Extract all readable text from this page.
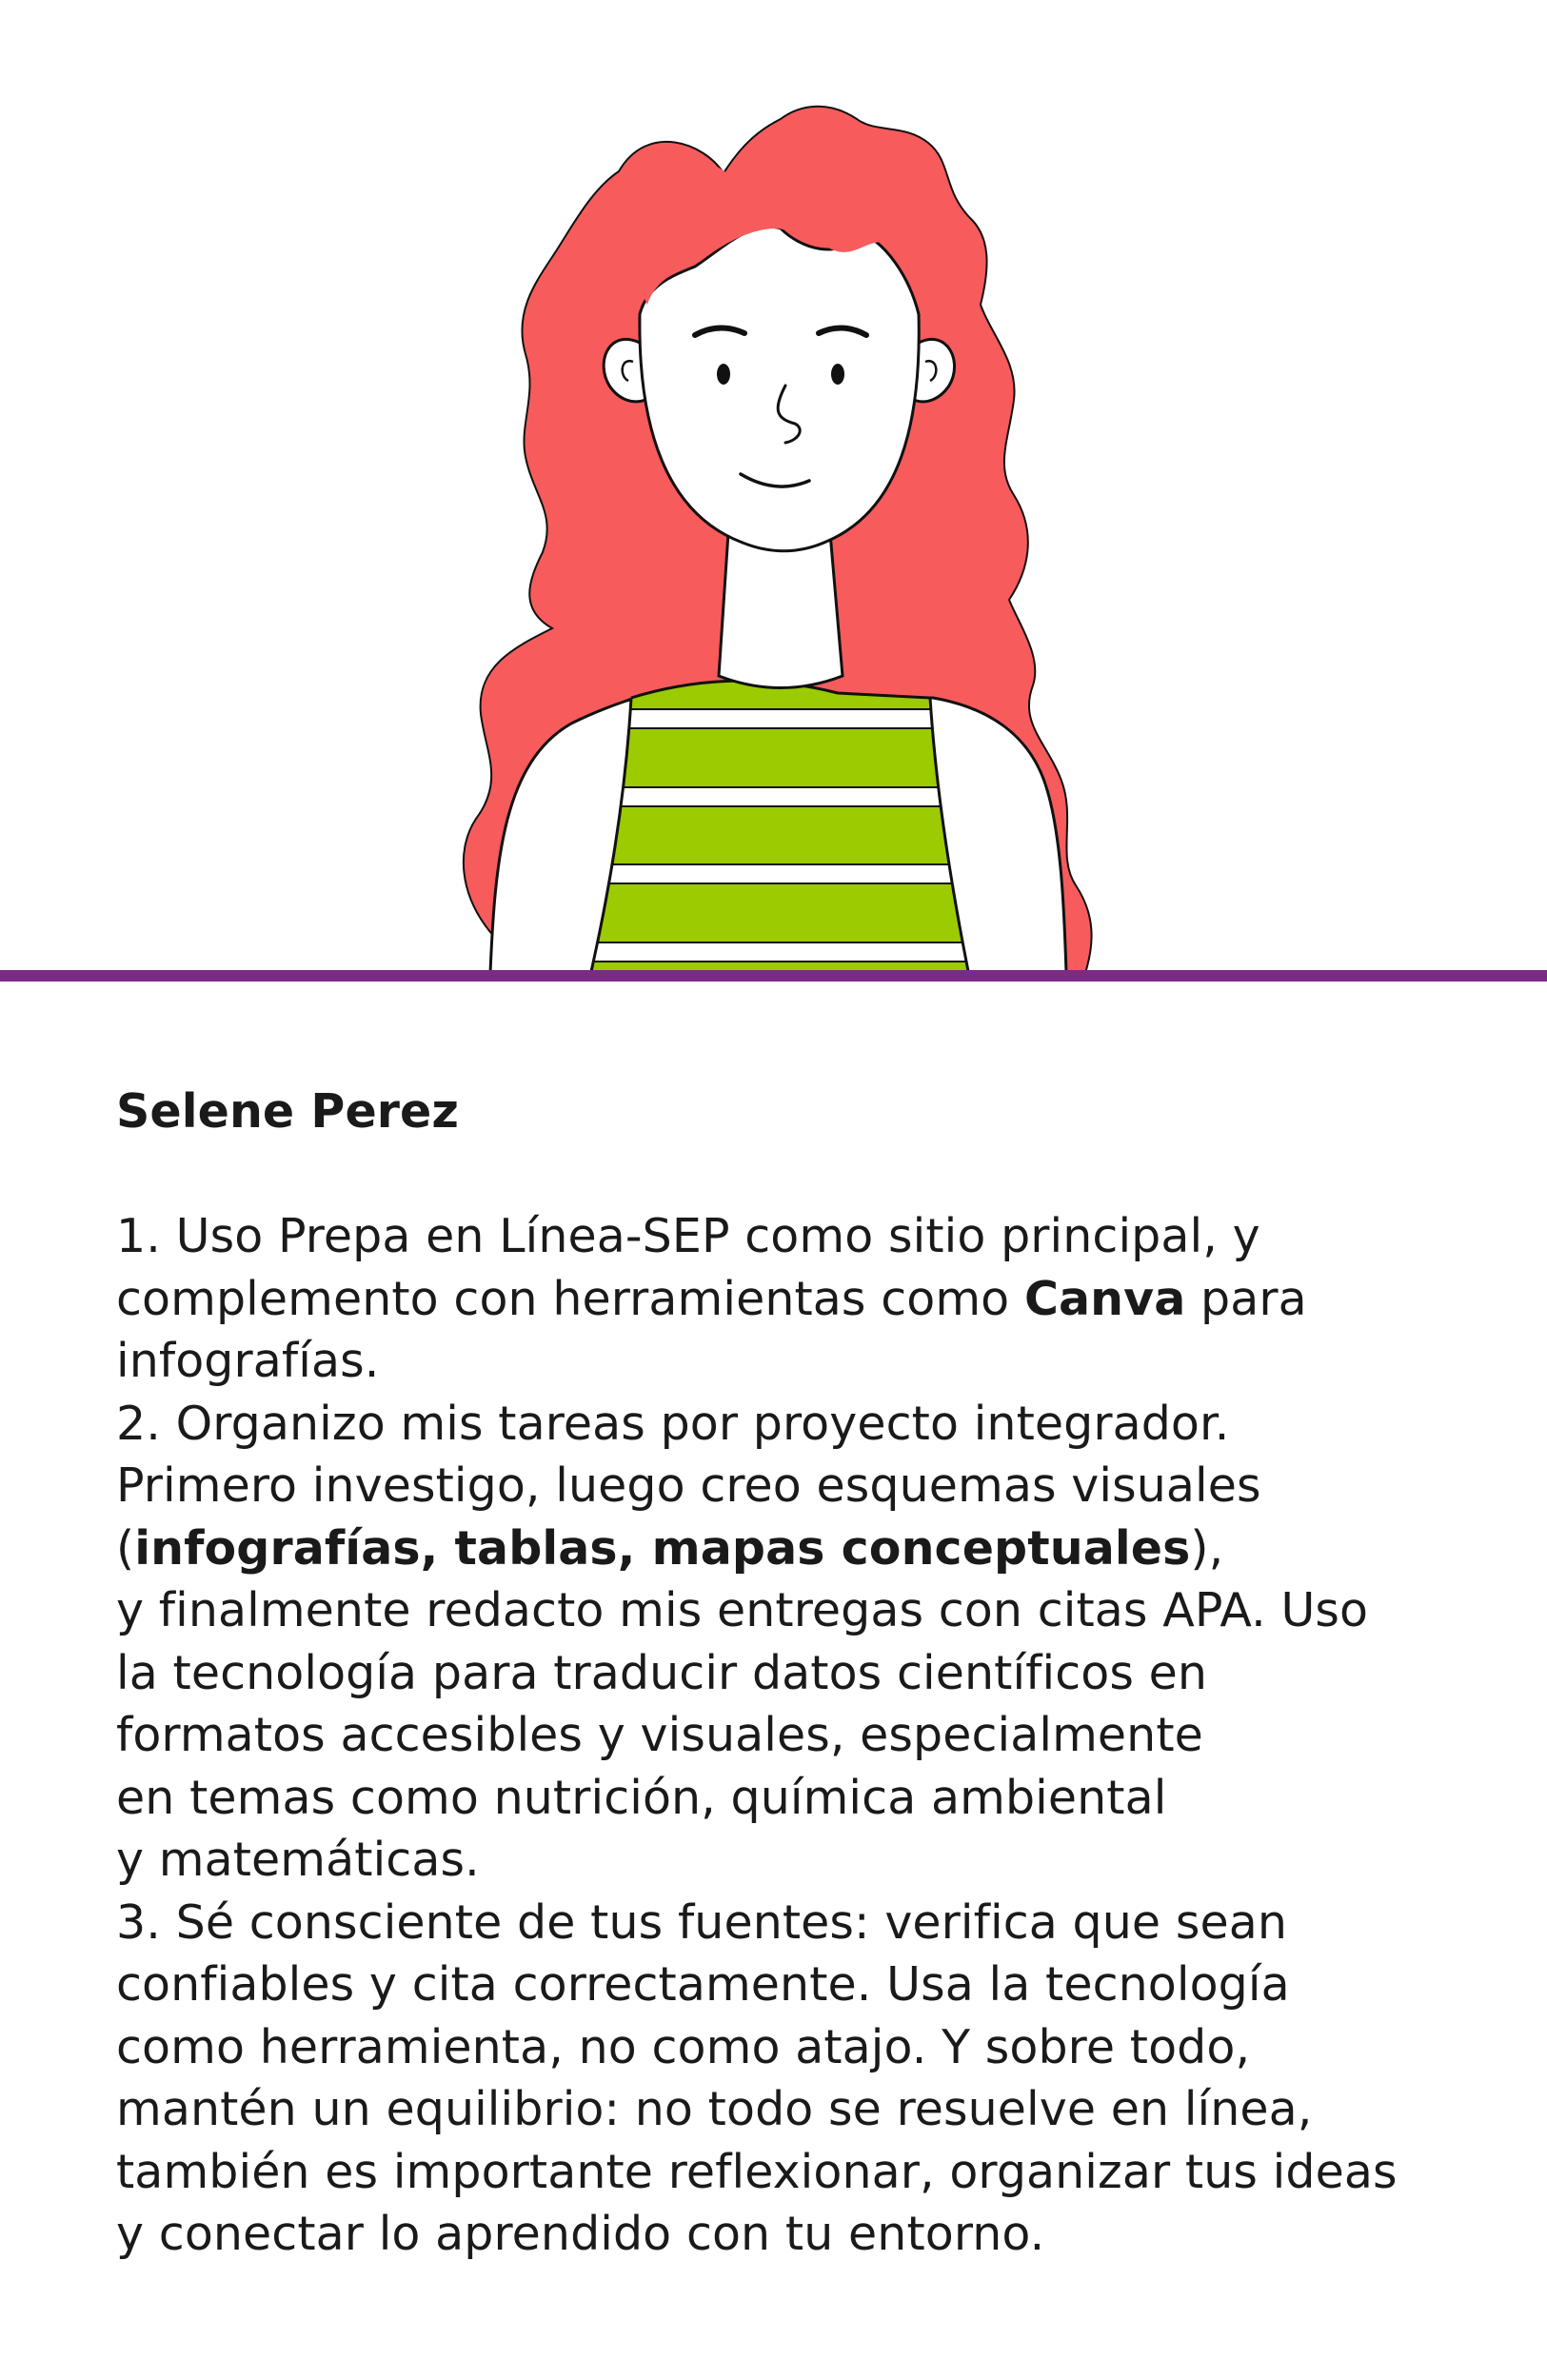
Selene Perez

1. Uso Prepa en Línea-SEP como sitio principal, y

complemento con herramientas como Canva para

infografías.

2. Organizo mis tareas por proyecto integrador.

Primero investigo, luego creo esquemas visuales

(infografías, tablas, mapas conceptuales),

y finalmente redacto mis entregas con citas APA. Uso

la tecnología para traducir datos científicos en

formatos accesibles y visuales, especialmente

en temas como nutrición, química ambiental

y matemáticas.

3. Sé consciente de tus fuentes: verifica que sean

confiables y cita correctamente. Usa la tecnología

como herramienta, no como atajo. Y sobre todo,

mantén un equilibrio: no todo se resuelve en línea,

también es importante reflexionar, organizar tus ideas

y conectar lo aprendido con tu entorno.
